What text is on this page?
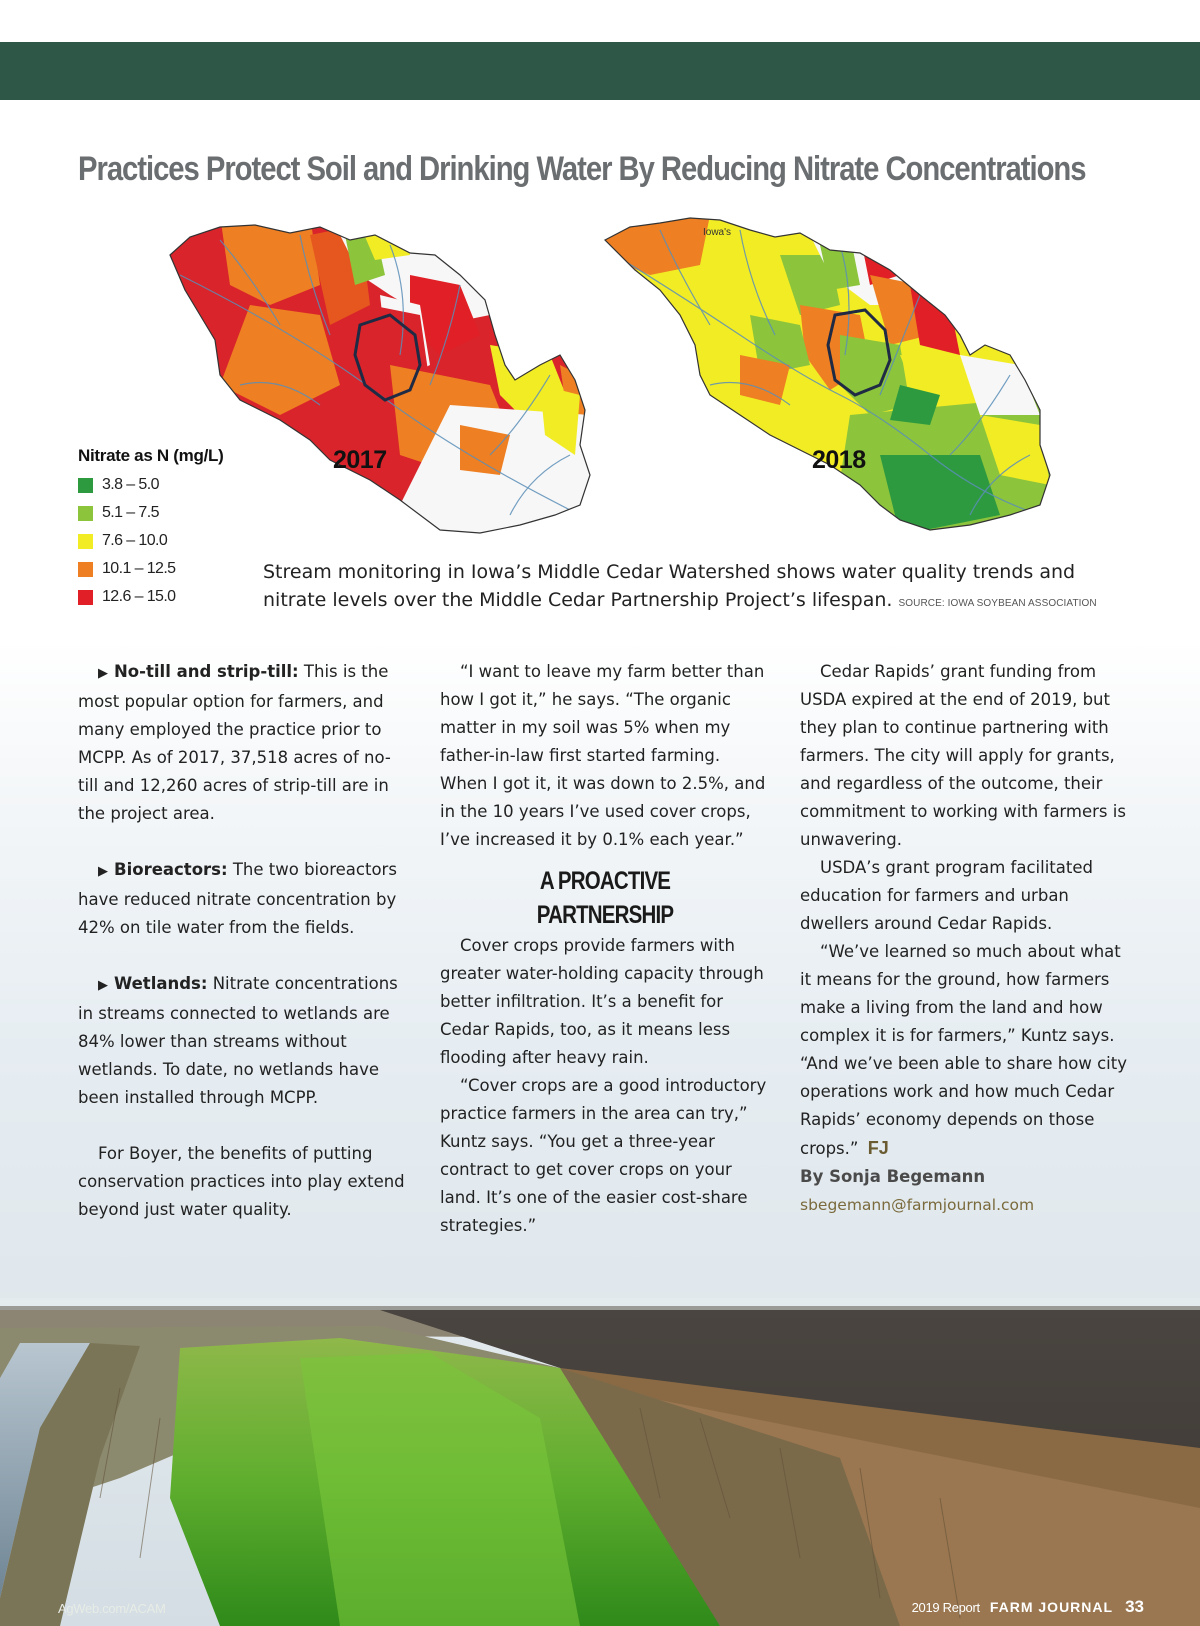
Practices Protect Soil and Drinking Water By Reducing Nitrate Concentrations
2017
Iowa's
2018
Nitrate as N (mg/L)
3.8 – 5.0
5.1 – 7.5
7.6 – 10.0
10.1 – 12.5
12.6 – 15.0
Stream monitoring in Iowa’s Middle Cedar Watershed shows water quality trends and nitrate levels over the Middle Cedar Partnership Project’s lifespan. SOURCE: IOWA SOYBEAN ASSOCIATION

▶ No-till and strip-till: This is the most popular option for farmers, and many employed the practice prior to MCPP. As of 2017, 37,518 acres of no-till and 12,260 acres of strip-till are in the project area.

▶ Bioreactors: The two bioreactors have reduced nitrate concentration by 42% on tile water from the fields.

▶ Wetlands: Nitrate concentrations in streams connected to wetlands are 84% lower than streams without wetlands. To date, no wetlands have been installed through MCPP.

For Boyer, the benefits of putting conservation practices into play extend beyond just water quality.

“I want to leave my farm better than how I got it,” he says. “The organic matter in my soil was 5% when my father-in-law first started farming. When I got it, it was down to 2.5%, and in the 10 years I’ve used cover crops, I’ve increased it by 0.1% each year.”

A PROACTIVE PARTNERSHIP

Cover crops provide farmers with greater water-holding capacity through better infiltration. It’s a benefit for Cedar Rapids, too, as it means less flooding after heavy rain.

“Cover crops are a good introductory practice farmers in the area can try,” Kuntz says. “You get a three-year contract to get cover crops on your land. It’s one of the easier cost-share strategies.”

Cedar Rapids’ grant funding from USDA expired at the end of 2019, but they plan to continue partnering with farmers. The city will apply for grants, and regardless of the outcome, their commitment to working with farmers is unwavering.

USDA’s grant program facilitated education for farmers and urban dwellers around Cedar Rapids.

“We’ve learned so much about what it means for the ground, how farmers make a living from the land and how complex it is for farmers,” Kuntz says. “And we’ve been able to share how city operations work and how much Cedar Rapids’ economy depends on those crops.” FJ

By Sonja Begemann

sbegemann@farmjournal.com

AgWeb.com/ACAM	2019 Report FARM JOURNAL 33
